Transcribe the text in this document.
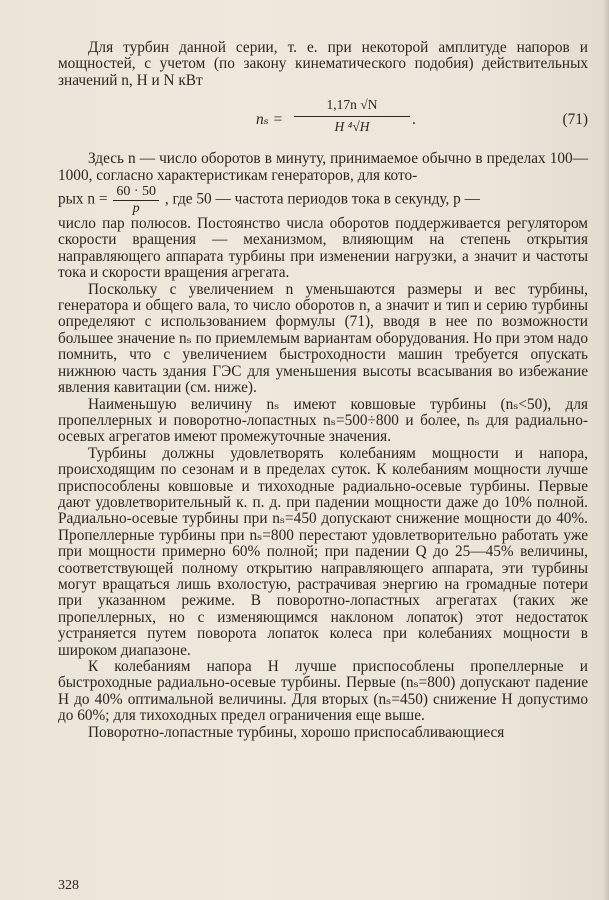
Для турбин данной серии, т. е. при некоторой амплитуде напоров и мощностей, с учетом (по закону кинематического подобия) действительных значений n, H и N кВт

$n_s = \frac{1,17n √N}{\text{H ⁴√H}}$ .	(71)

Здесь n — число оборотов в минуту, принимаемое обычно в пределах 100—1000, согласно характеристикам генераторов, для кото-

рых $n = \frac{60 \cdot 50}{p}$ , где 50 — частота периодов тока в секунду, p —

число пар полюсов. Постоянство числа оборотов поддерживается регулятором скорости вращения — механизмом, влияющим на степень открытия направляющего аппарата турбины при изменении нагрузки, а значит и частоты тока и скорости вращения агрегата.

Поскольку с увеличением n уменьшаются размеры и вес турбины, генератора и общего вала, то число оборотов n, а значит и тип и серию турбины определяют с использованием формулы (71), вводя в нее по возможности большее значение nₛ по приемлемым вариантам оборудования. Но при этом надо помнить, что с увеличением быстроходности машин требуется опускать нижнюю часть здания ГЭС для уменьшения высоты всасывания во избежание явления кавитации (см. ниже).

Наименьшую величину nₛ имеют ковшовые турбины (nₛ<50), для пропеллерных и поворотно-лопастных nₛ=500÷800 и более, nₛ для радиально-осевых агрегатов имеют промежуточные значения.

Турбины должны удовлетворять колебаниям мощности и напора, происходящим по сезонам и в пределах суток. К колебаниям мощности лучше приспособлены ковшовые и тихоходные радиально-осевые турбины. Первые дают удовлетворительный к. п. д. при падении мощности даже до 10% полной. Радиально-осевые турбины при nₛ=450 допускают снижение мощности до 40%. Пропеллерные турбины при nₛ=800 перестают удовлетворительно работать уже при мощности примерно 60% полной; при падении Q до 25—45% величины, соответствующей полному открытию направляющего аппарата, эти турбины могут вращаться лишь вхолостую, растрачивая энергию на громадные потери при указанном режиме. В поворотно-лопастных агрегатах (таких же пропеллерных, но с изменяющимся наклоном лопаток) этот недостаток устраняется путем поворота лопаток колеса при колебаниях мощности в широком диапазоне.

К колебаниям напора H лучше приспособлены пропеллерные и быстроходные радиально-осевые турбины. Первые (nₛ=800) допускают падение H до 40% оптимальной величины. Для вторых (nₛ=450) снижение H допустимо до 60%; для тихоходных предел ограничения еще выше.

Поворотно-лопастные турбины, хорошо приспосабливающиеся

328
